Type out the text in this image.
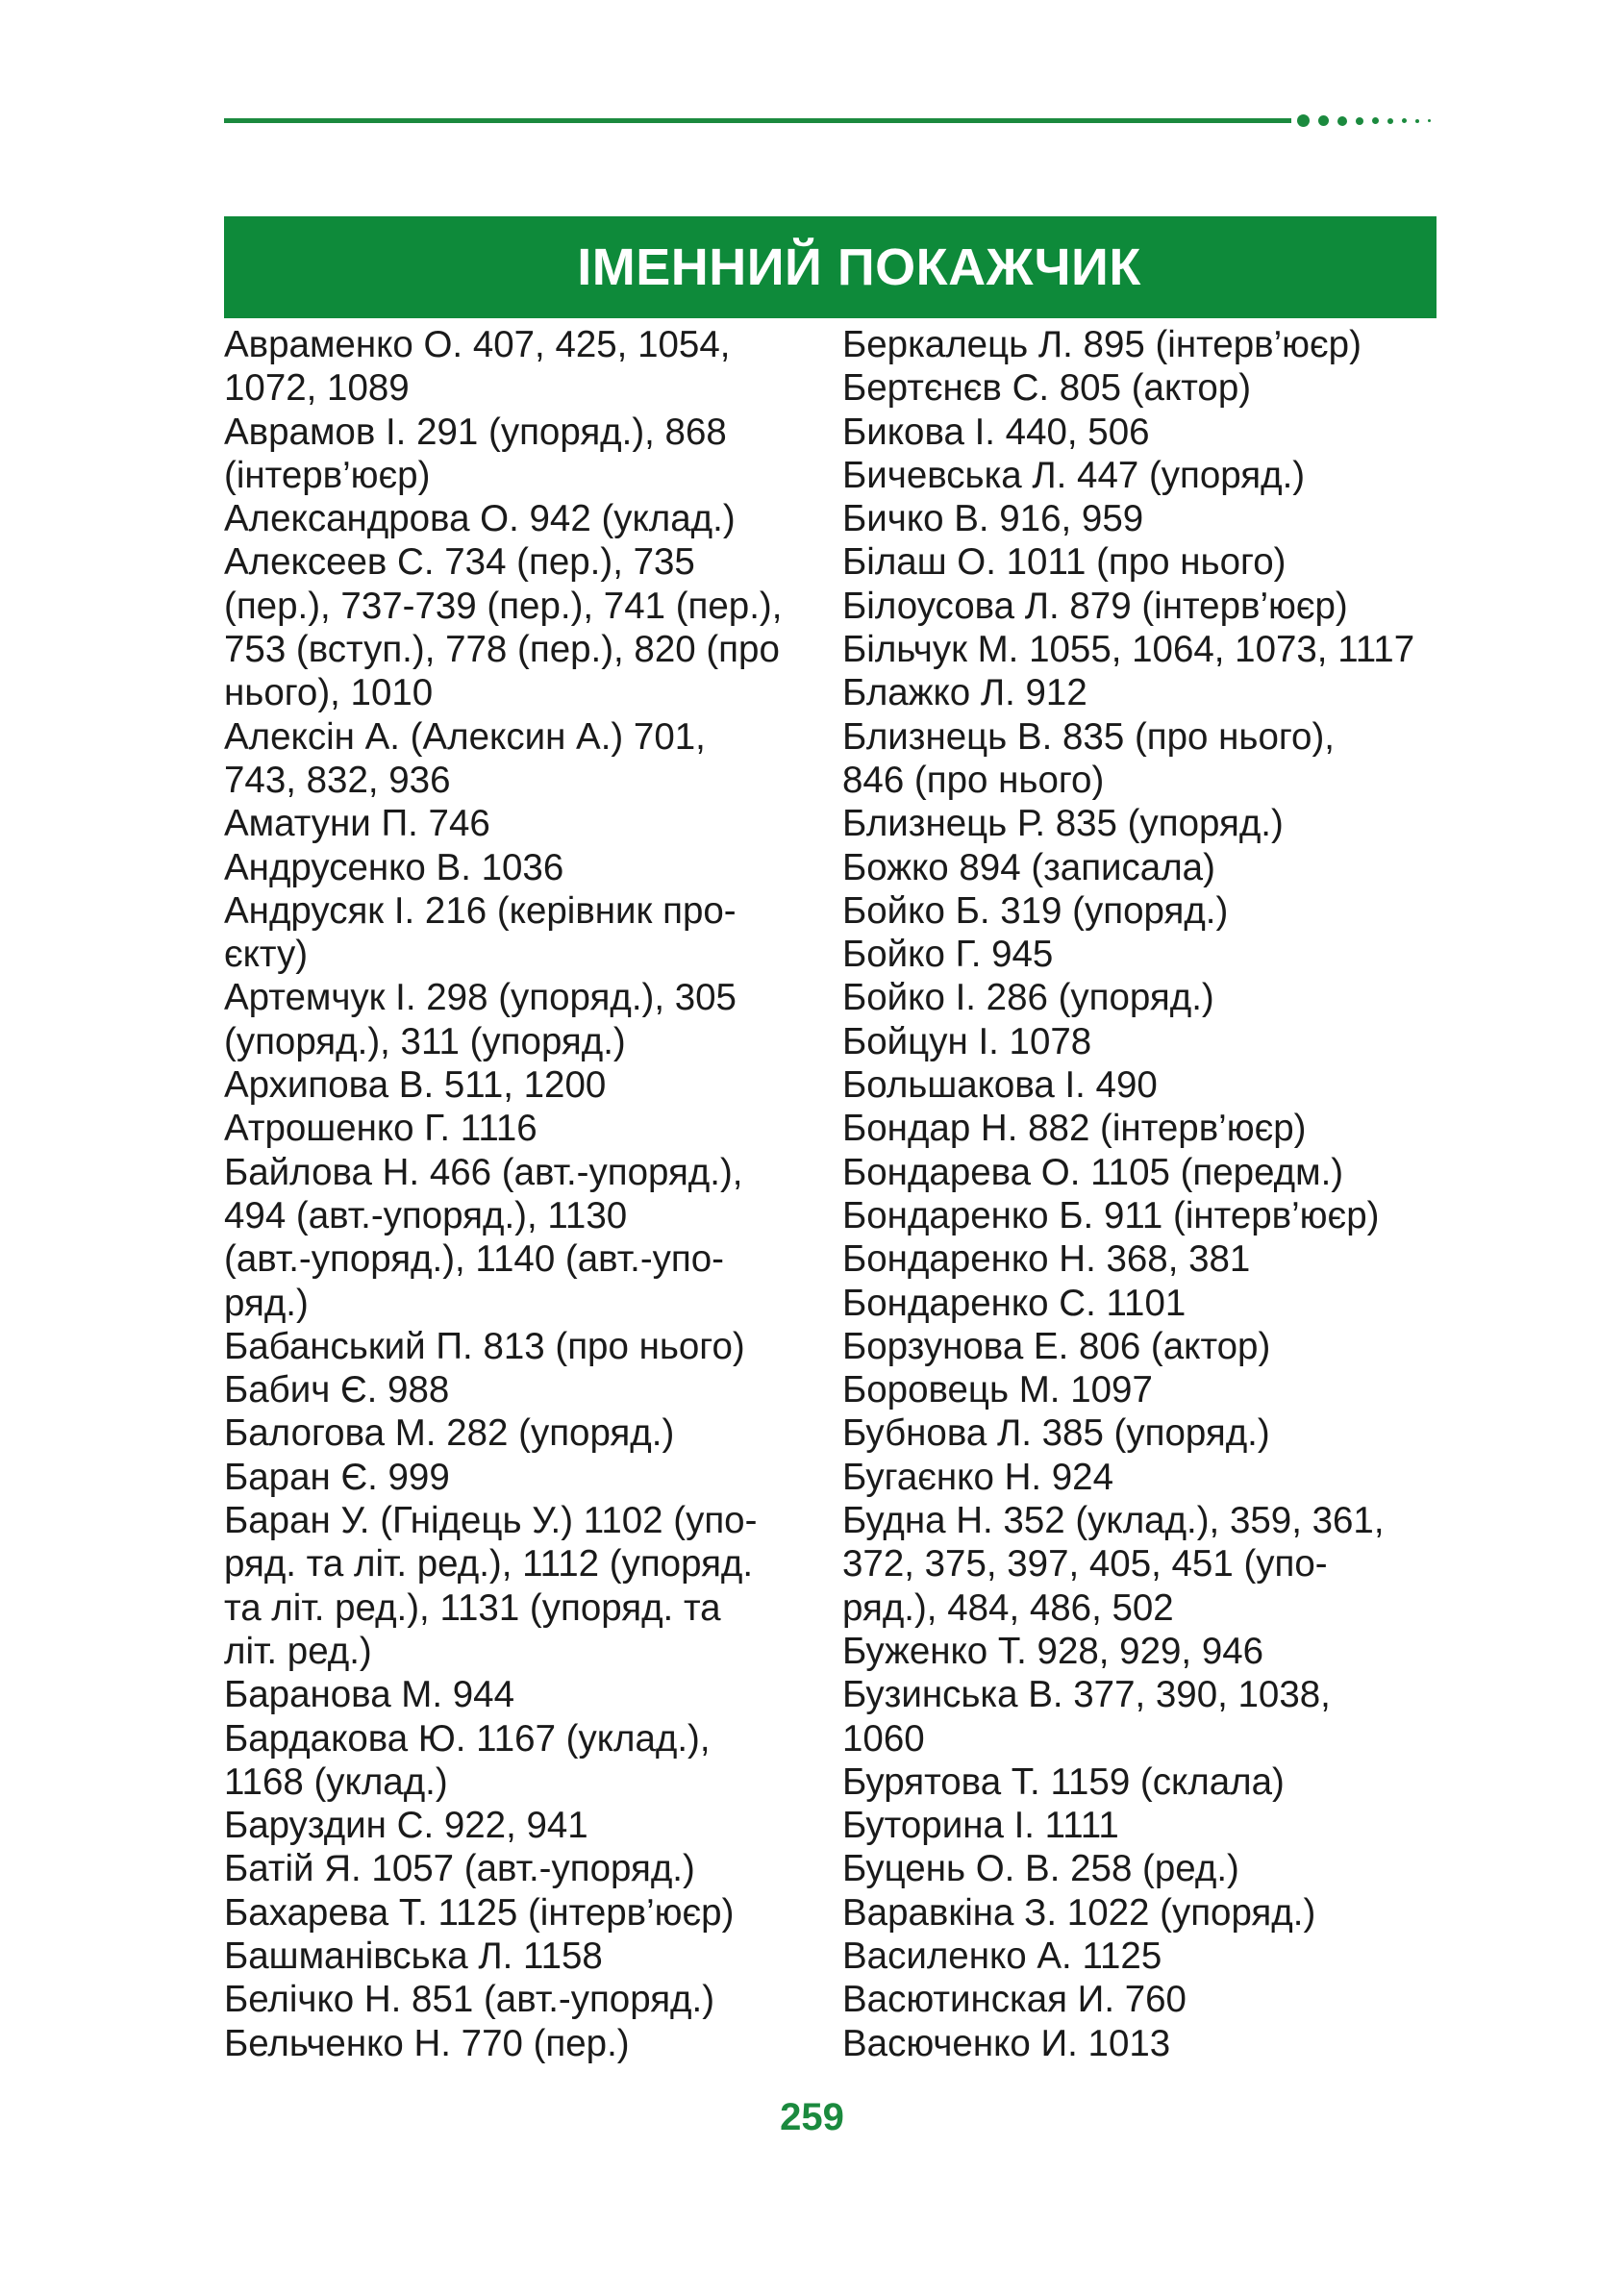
ІМЕННИЙ ПОКАЖЧИК
Авраменко О. 407, 425, 1054,
1072, 1089
Аврамов І. 291 (упоряд.), 868
(інтерв’юєр)
Александрова О. 942 (уклад.)
Алексеев С. 734 (пер.), 735
(пер.), 737-739 (пер.), 741 (пер.),
753 (вступ.), 778 (пер.), 820 (про
нього), 1010
Алексін А. (Алексин А.) 701,
743, 832, 936
Аматуни П. 746
Андрусенко В. 1036
Андрусяк І. 216 (керівник про-
єкту)
Артемчук І. 298 (упоряд.), 305
(упоряд.), 311 (упоряд.)
Архипова В. 511, 1200
Атрошенко Г. 1116
Байлова Н. 466 (авт.-упоряд.),
494 (авт.-упоряд.), 1130
(авт.-упоряд.), 1140 (авт.-упо-
ряд.)
Бабанський П. 813 (про нього)
Бабич Є. 988
Балогова М. 282 (упоряд.)
Баран Є. 999
Баран У. (Гнідець У.) 1102 (упо-
ряд. та літ. ред.), 1112 (упоряд.
та літ. ред.), 1131 (упоряд. та
літ. ред.)
Баранова М. 944
Бардакова Ю. 1167 (уклад.),
1168 (уклад.)
Баруздин С. 922, 941
Батій Я. 1057 (авт.-упоряд.)
Бахарева Т. 1125 (інтерв’юєр)
Башманівська Л. 1158
Белічко Н. 851 (авт.-упоряд.)
Бельченко Н. 770 (пер.)
Беркалець Л. 895 (інтерв’юєр)
Бертєнєв С. 805 (актор)
Бикова І. 440, 506
Бичевська Л. 447 (упоряд.)
Бичко В. 916, 959
Білаш О. 1011 (про нього)
Білоусова Л. 879 (інтерв’юєр)
Більчук М. 1055, 1064, 1073, 1117
Блажко Л. 912
Близнець В. 835 (про нього),
846 (про нього)
Близнець Р. 835 (упоряд.)
Божко 894 (записала)
Бойко Б. 319 (упоряд.)
Бойко Г. 945
Бойко І. 286 (упоряд.)
Бойцун І. 1078
Большакова І. 490
Бондар Н. 882 (інтерв’юєр)
Бондарева О. 1105 (передм.)
Бондаренко Б. 911 (інтерв’юєр)
Бондаренко Н. 368, 381
Бондаренко С. 1101
Борзунова Е. 806 (актор)
Боровець М. 1097
Бубнова Л. 385 (упоряд.)
Бугаєнко Н. 924
Будна Н. 352 (уклад.), 359, 361,
372, 375, 397, 405, 451 (упо-
ряд.), 484, 486, 502
Буженко Т. 928, 929, 946
Бузинська В. 377, 390, 1038,
1060
Бурятова Т. 1159 (склала)
Буторина І. 1111
Буцень О. В. 258 (ред.)
Варавкіна З. 1022 (упоряд.)
Василенко А. 1125
Васютинская И. 760
Васюченко И. 1013
259
